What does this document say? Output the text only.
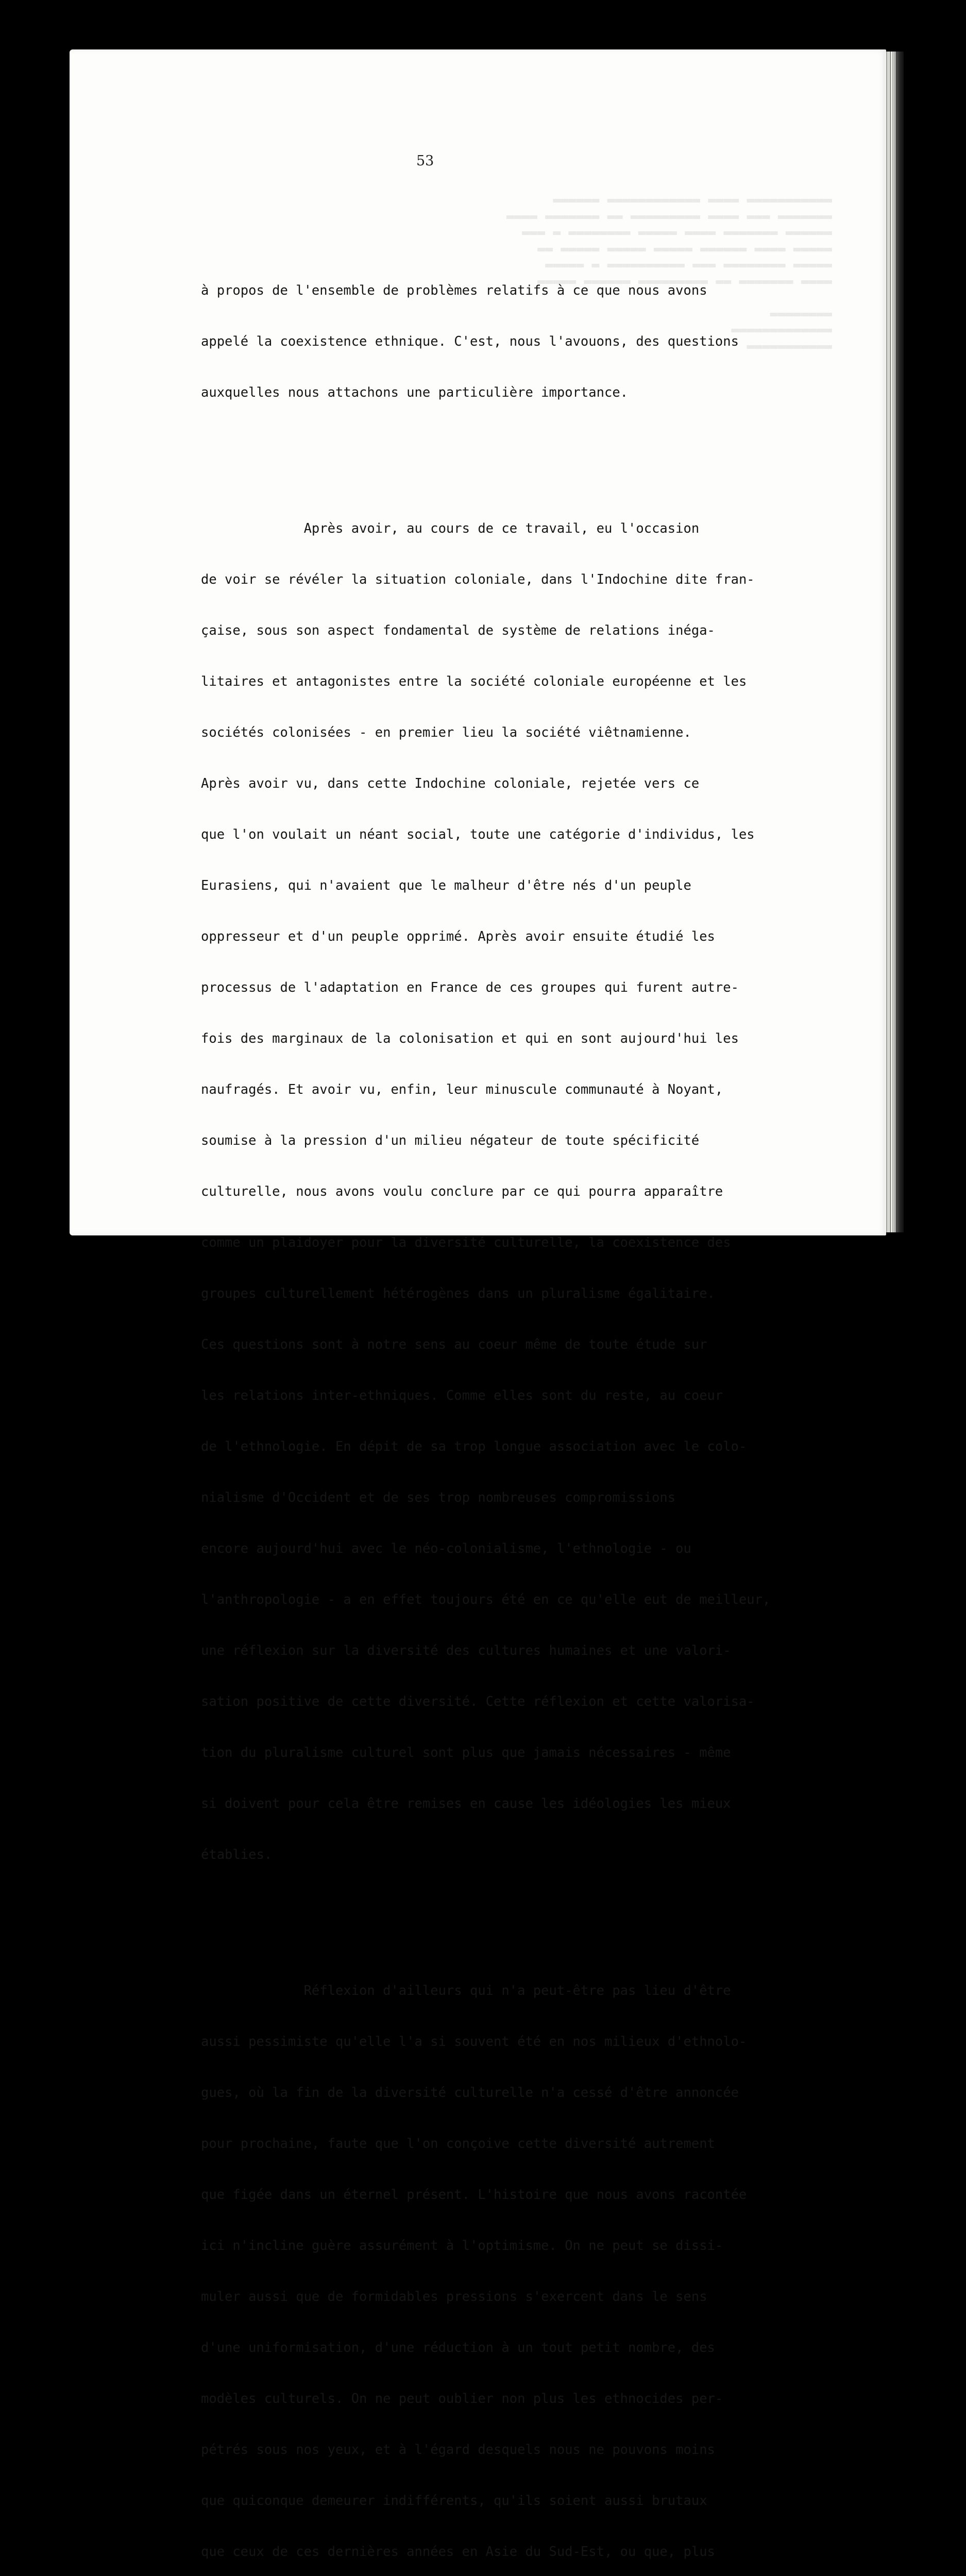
53

à propos de l'ensemble de problèmes relatifs à ce que nous avons

appelé la coexistence ethnique. C'est, nous l'avouons, des questions

auxquelles nous attachons une particulière importance.

Après avoir, au cours de ce travail, eu l'occasion

de voir se révéler la situation coloniale, dans l'Indochine dite fran-

çaise, sous son aspect fondamental de système de relations inéga-

litaires et antagonistes entre la société coloniale européenne et les

sociétés colonisées - en premier lieu la société viêtnamienne.

Après avoir vu, dans cette Indochine coloniale, rejetée vers ce

que l'on voulait un néant social, toute une catégorie d'individus, les

Eurasiens, qui n'avaient que le malheur d'être nés d'un peuple

oppresseur et d'un peuple opprimé. Après avoir ensuite étudié les

processus de l'adaptation en France de ces groupes qui furent autre-

fois des marginaux de la colonisation et qui en sont aujourd'hui les

naufragés. Et avoir vu, enfin, leur minuscule communauté à Noyant,

soumise à la pression d'un milieu négateur de toute spécificité

culturelle, nous avons voulu conclure par ce qui pourra apparaître

comme un plaidoyer pour la diversité culturelle, la coexistence des

groupes culturellement hétérogènes dans un pluralisme égalitaire.

Ces questions sont à notre sens au coeur même de toute étude sur

les relations inter-ethniques. Comme elles sont du reste, au coeur

de l'ethnologie. En dépit de sa trop longue association avec le colo-

nialisme d'Occident et de ses trop nombreuses compromissions

encore aujourd'hui avec le néo-colonialisme, l'ethnologie - ou

l'anthropologie - a en effet toujours été en ce qu'elle eut de meilleur,

une réflexion sur la diversité des cultures humaines et une valori-

sation positive de cette diversité. Cette réflexion et cette valorisa-

tion du pluralisme culturel sont plus que jamais nécessaires - même

si doivent pour cela être remises en cause les idéologies les mieux

établies.

Réflexion d'ailleurs qui n'a peut-être pas lieu d'être

aussi pessimiste qu'elle l'a si souvent été en nos milieux d'ethnolo-

gues, où la fin de la diversité culturelle n'a cessé d'être annoncée

pour prochaine, faute que l'on conçoive cette diversité autrement

que figée dans un éternel présent. L'histoire que nous avons racontée

ici n'incline guère assurément à l'optimisme. On ne peut se dissi-

muler aussi que de formidables pressions s'exercent dans le sens

d'une uniformisation, d'une réduction à un tout petit nombre, des

modèles culturels. On ne peut oublier non plus les ethnocides per-

pétrés sous nos yeux, et à l'égard desquels nous ne pouvons moins

que quiconque demeurer indifférents, qu'ils soient aussi brutaux

que ceux de ces dernières années en Asie du Sud-Est, ou que, plus
